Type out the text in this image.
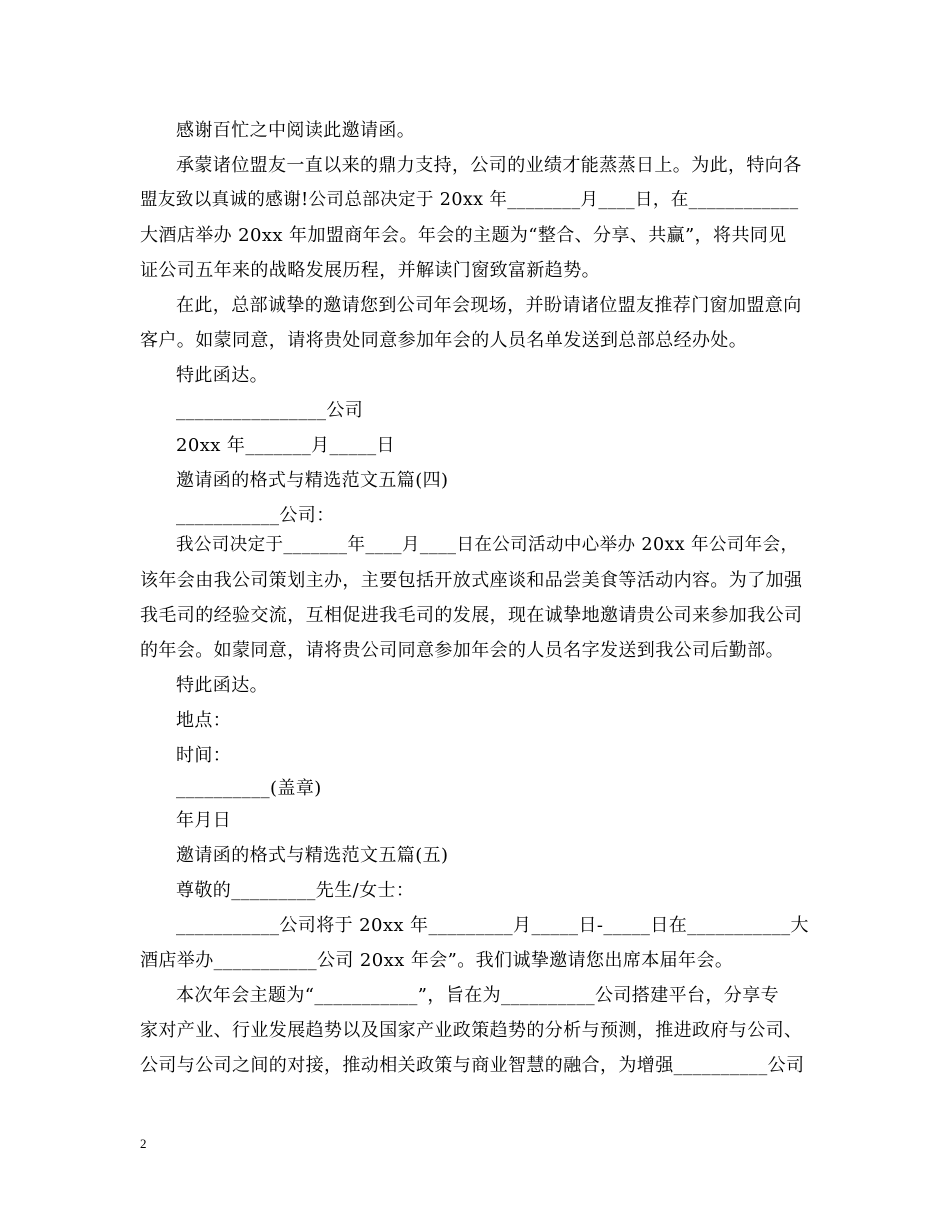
感谢百忙之中阅读此邀请函。
承蒙诸位盟友一直以来的鼎力支持，公司的业绩才能蒸蒸日上。为此，特向各
盟友致以真诚的感谢!公司总部决定于 20xx 年________月____日，在____________
大酒店举办 20xx 年加盟商年会。年会的主题为“整合、分享、共赢”，将共同见
证公司五年来的战略发展历程，并解读门窗致富新趋势。
在此，总部诚挚的邀请您到公司年会现场，并盼请诸位盟友推荐门窗加盟意向
客户。如蒙同意，请将贵处同意参加年会的人员名单发送到总部总经办处。
特此函达。
________________公司
20xx 年_______月_____日
邀请函的格式与精选范文五篇(四)
___________公司：
我公司决定于_______年____月____日在公司活动中心举办 20xx 年公司年会，
该年会由我公司策划主办，主要包括开放式座谈和品尝美食等活动内容。为了加强
我毛司的经验交流，互相促进我毛司的发展，现在诚挚地邀请贵公司来参加我公司
的年会。如蒙同意，请将贵公司同意参加年会的人员名字发送到我公司后勤部。
特此函达。
地点：
时间：
__________(盖章)
年月日
邀请函的格式与精选范文五篇(五)
尊敬的_________先生/女士：
___________公司将于 20xx 年_________月_____日-_____日在___________大
酒店举办___________公司 20xx 年会”。我们诚挚邀请您出席本届年会。
本次年会主题为“___________”，旨在为__________公司搭建平台，分享专
家对产业、行业发展趋势以及国家产业政策趋势的分析与预测，推进政府与公司、
公司与公司之间的对接，推动相关政策与商业智慧的融合，为增强__________公司
2
